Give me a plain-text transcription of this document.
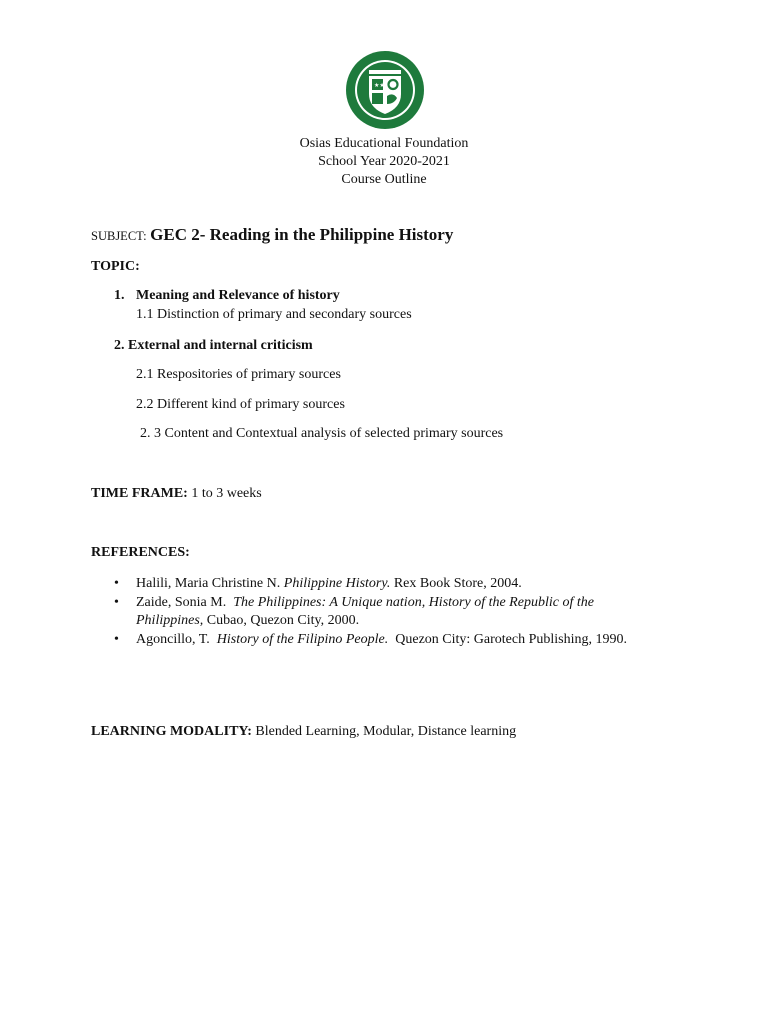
★★
Osias Educational Foundation
School Year 2020-2021
Course Outline
SUBJECT: GEC 2- Reading in the Philippine History
TOPIC:
1. Meaning and Relevance of history
1.1 Distinction of primary and secondary sources
2. External and internal criticism
2.1 Respositories of primary sources
2.2 Different kind of primary sources
2. 3 Content and Contextual analysis of selected primary sources
TIME FRAME: 1 to 3 weeks
REFERENCES:
• Halili, Maria Christine N. Philippine History. Rex Book Store, 2004.
• Zaide, Sonia M. The Philippines: A Unique nation, History of the Republic of the
Philippines, Cubao, Quezon City, 2000.
• Agoncillo, T. History of the Filipino People. Quezon City: Garotech Publishing, 1990.
LEARNING MODALITY: Blended Learning, Modular, Distance learning
